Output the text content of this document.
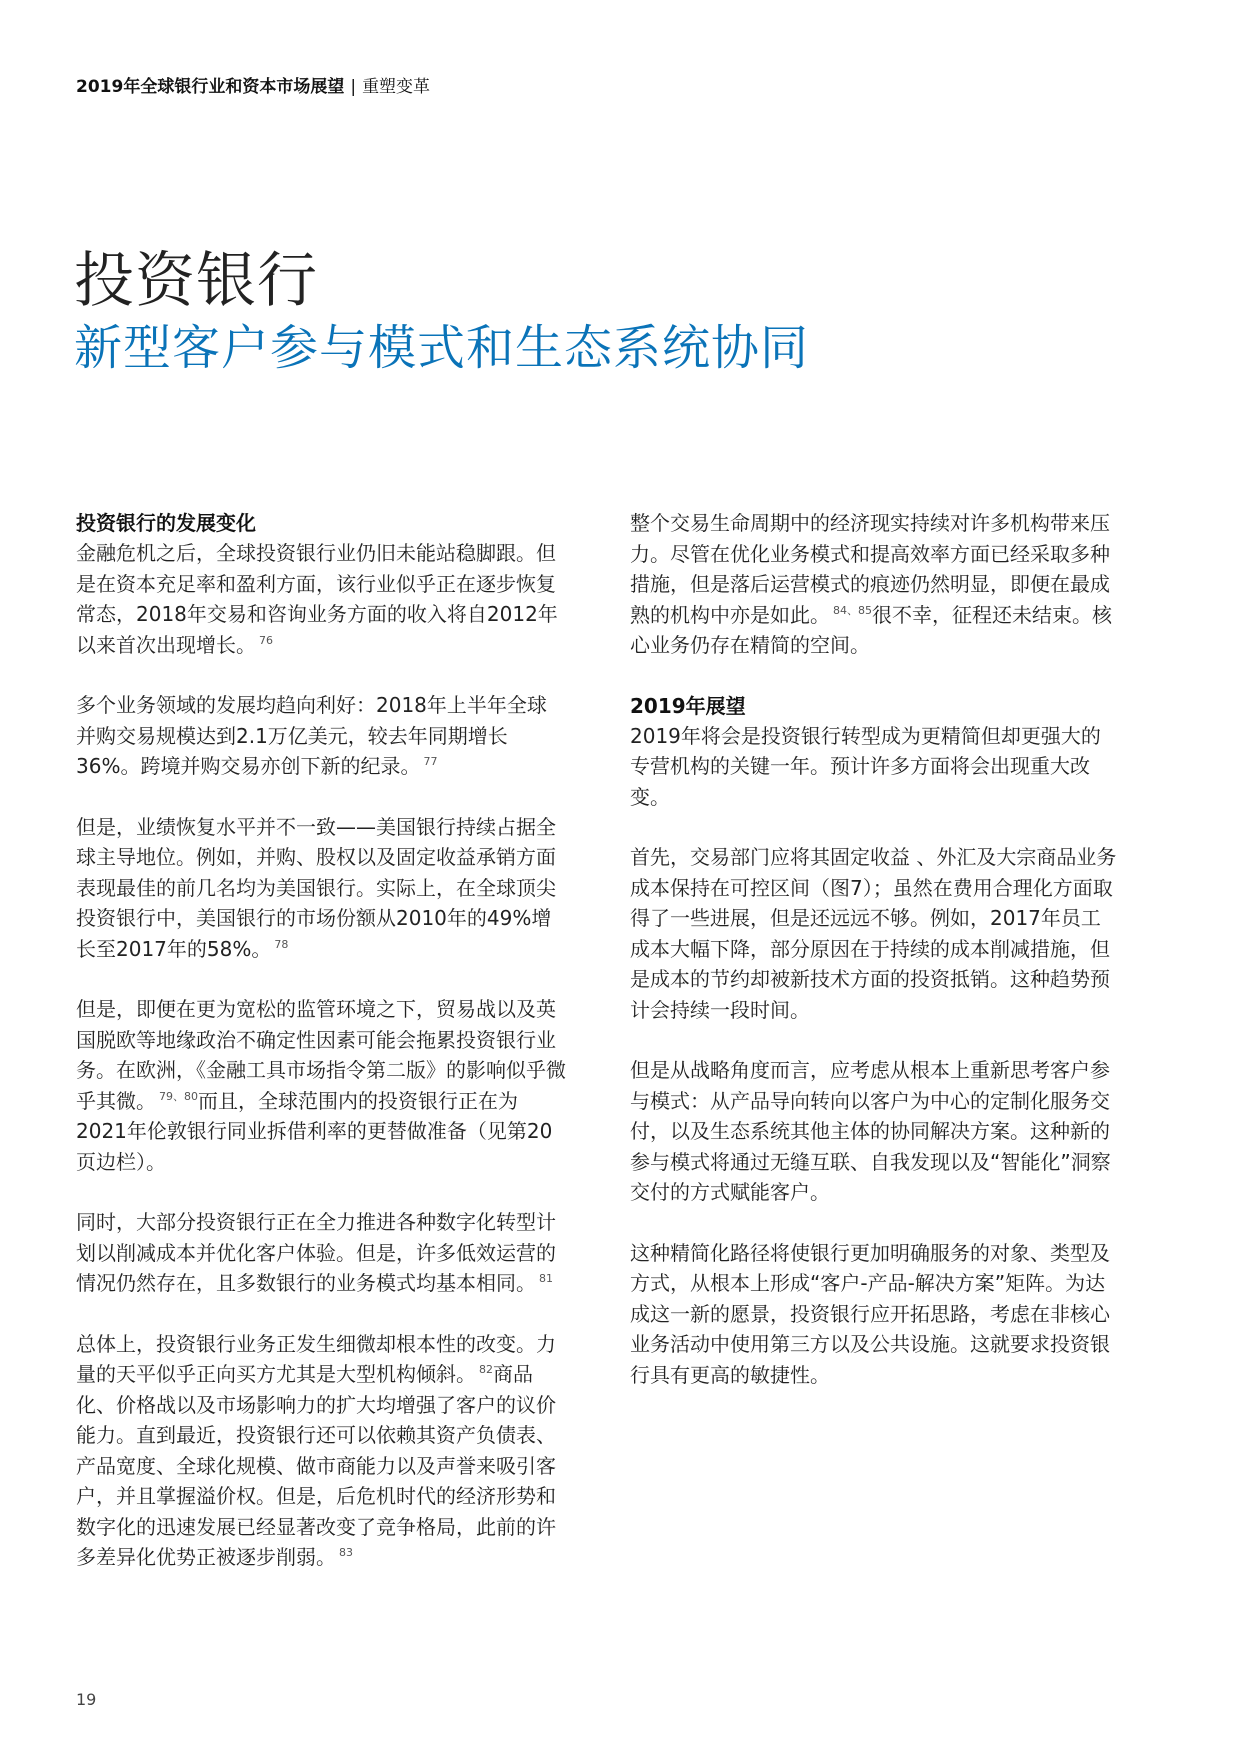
2019年全球银行业和资本市场展望 | 重塑变革
投资银行
新型客户参与模式和生态系统协同
投资银行的发展变化

金融危机之后，全球投资银行业仍旧未能站稳脚跟。但是在资本充足率和盈利方面，该行业似乎正在逐步恢复常态，2018年交易和咨询业务方面的收入将自2012年以来首次出现增长。 $^{76}$

多个业务领域的发展均趋向利好：2018年上半年全球并购交易规模达到2.1万亿美元，较去年同期增长36%。跨境并购交易亦创下新的纪录。 $^{77}$

但是，业绩恢复水平并不一致——美国银行持续占据全球主导地位。例如，并购、股权以及固定收益承销方面表现最佳的前几名均为美国银行。实际上，在全球顶尖投资银行中，美国银行的市场份额从2010年的49%增长至2017年的58%。 $^{78}$

但是，即便在更为宽松的监管环境之下，贸易战以及英国脱欧等地缘政治不确定性因素可能会拖累投资银行业务。在欧洲，《金融工具市场指令第二版》的影响似乎微乎其微。 $^{79、80}$而且，全球范围内的投资银行正在为2021年伦敦银行同业拆借利率的更替做准备（见第20页边栏）。

同时，大部分投资银行正在全力推进各种数字化转型计划以削减成本并优化客户体验。但是，许多低效运营的情况仍然存在，且多数银行的业务模式均基本相同。 $^{81}$

总体上，投资银行业务正发生细微却根本性的改变。力量的天平似乎正向买方尤其是大型机构倾斜。 $^{82}$商品化、价格战以及市场影响力的扩大均增强了客户的议价能力。直到最近，投资银行还可以依赖其资产负债表、产品宽度、全球化规模、做市商能力以及声誉来吸引客户，并且掌握溢价权。但是，后危机时代的经济形势和数字化的迅速发展已经显著改变了竞争格局，此前的许多差异化优势正被逐步削弱。 $^{83}$

整个交易生命周期中的经济现实持续对许多机构带来压力。尽管在优化业务模式和提高效率方面已经采取多种措施，但是落后运营模式的痕迹仍然明显，即便在最成熟的机构中亦是如此。 $^{84、85}$很不幸，征程还未结束。核心业务仍存在精简的空间。

2019年展望

2019年将会是投资银行转型成为更精简但却更强大的专营机构的关键一年。预计许多方面将会出现重大改变。

首先，交易部门应将其固定收益 、外汇及大宗商品业务成本保持在可控区间（图7）；虽然在费用合理化方面取得了一些进展，但是还远远不够。例如，2017年员工成本大幅下降，部分原因在于持续的成本削减措施，但是成本的节约却被新技术方面的投资抵销。这种趋势预计会持续一段时间。

但是从战略角度而言，应考虑从根本上重新思考客户参与模式：从产品导向转向以客户为中心的定制化服务交付，以及生态系统其他主体的协同解决方案。这种新的参与模式将通过无缝互联、自我发现以及“智能化”洞察交付的方式赋能客户。

这种精简化路径将使银行更加明确服务的对象、类型及方式，从根本上形成“客户-产品-解决方案”矩阵。为达成这一新的愿景，投资银行应开拓思路，考虑在非核心业务活动中使用第三方以及公共设施。这就要求投资银行具有更高的敏捷性。

19
